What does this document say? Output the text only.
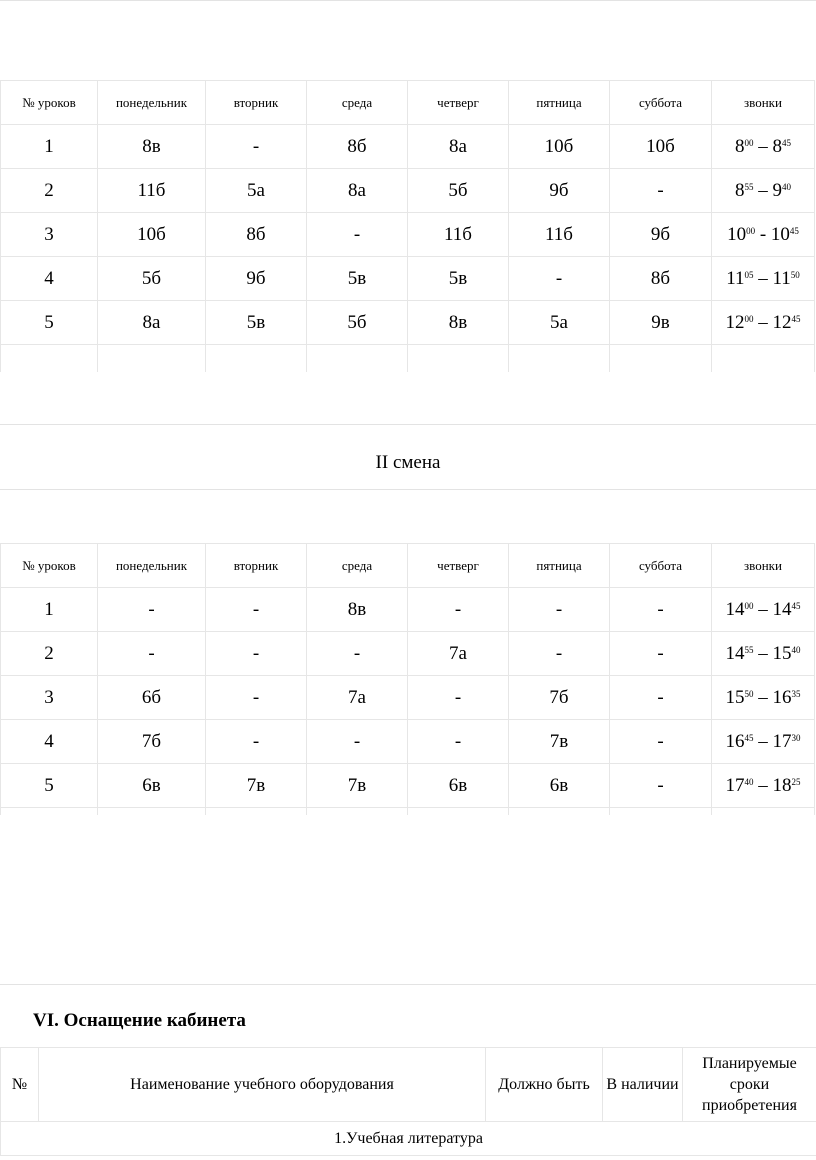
№ уроков	понедельник	вторник	среда	четверг	пятница	суббота	звонки
1	8в	-	8б	8а	10б	10б	$8^{00} - 8^{45}$
2	11б	5а	8а	5б	9б	-	$8^{55} - 9^{40}$
3	10б	8б	-	11б	11б	9б	$10^{00} - 10^{45}$
4	5б	9б	5в	5в	-	8б	$11^{05} - 11^{50}$
5	8а	5в	5б	8в	5а	9в	$12^{00} - 12^{45}$

II смена
№ уроков	понедельник	вторник	среда	четверг	пятница	суббота	звонки
1	-	-	8в	-	-	-	$14^{00} - 14^{45}$
2	-	-	-	7а	-	-	$14^{55} - 15^{40}$
3	6б	-	7а	-	7б	-	$15^{50} - 16^{35}$
4	7б	-	-	-	7в	-	$16^{45} - 17^{30}$
5	6в	7в	7в	6в	6в	-	$17^{40} - 18^{25}$

VI. Оснащение кабинета
№	Наименование учебного оборудования	Должно быть	В наличии	Планируемые сроки приобретения
1.Учебная литература
